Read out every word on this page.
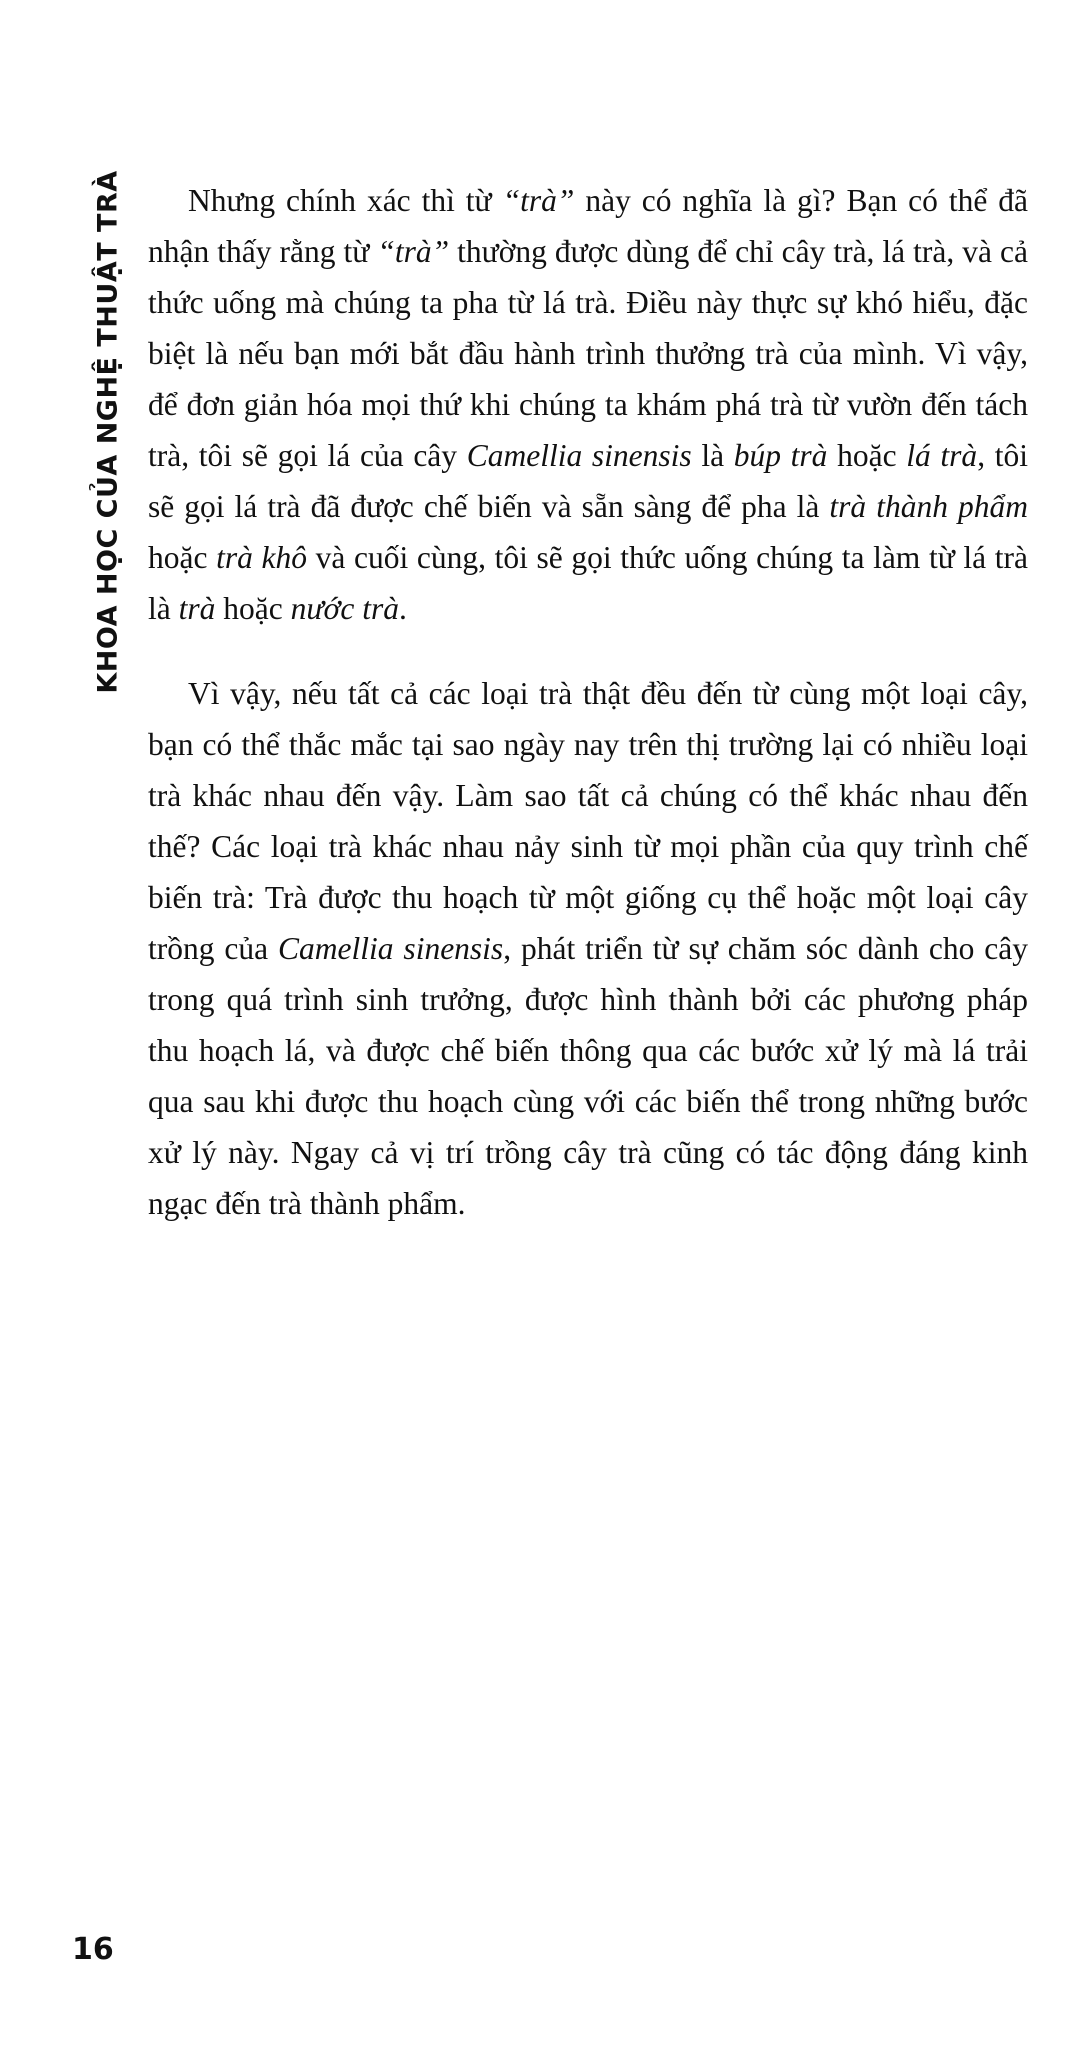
KHOA HỌC CỦA NGHỆ THUẬT TRÀ	Nhưng chính xác thì từ “trà” này có nghĩa là gì? Bạn có thể đã nhận thấy rằng từ “trà” thường được dùng để chỉ cây trà, lá trà, và cả thức uống mà chúng ta pha từ lá trà. Điều này thực sự khó hiểu, đặc biệt là nếu bạn mới bắt đầu hành trình thưởng trà của mình. Vì vậy, để đơn giản hóa mọi thứ khi chúng ta khám phá trà từ vườn đến tách trà, tôi sẽ gọi lá của cây Camellia sinensis là búp trà hoặc lá trà, tôi sẽ gọi lá trà đã được chế biến và sẵn sàng để pha là trà thành phẩm hoặc trà khô và cuối cùng, tôi sẽ gọi thức uống chúng ta làm từ lá trà là trà hoặc nước trà.

Vì vậy, nếu tất cả các loại trà thật đều đến từ cùng một loại cây, bạn có thể thắc mắc tại sao ngày nay trên thị trường lại có nhiều loại trà khác nhau đến vậy. Làm sao tất cả chúng có thể khác nhau đến thế? Các loại trà khác nhau nảy sinh từ mọi phần của quy trình chế biến trà: Trà được thu hoạch từ một giống cụ thể hoặc một loại cây trồng của Camellia sinensis, phát triển từ sự chăm sóc dành cho cây trong quá trình sinh trưởng, được hình thành bởi các phương pháp thu hoạch lá, và được chế biến thông qua các bước xử lý mà lá trải qua sau khi được thu hoạch cùng với các biến thể trong những bước xử lý này. Ngay cả vị trí trồng cây trà cũng có tác động đáng kinh ngạc đến trà thành phẩm.

16
